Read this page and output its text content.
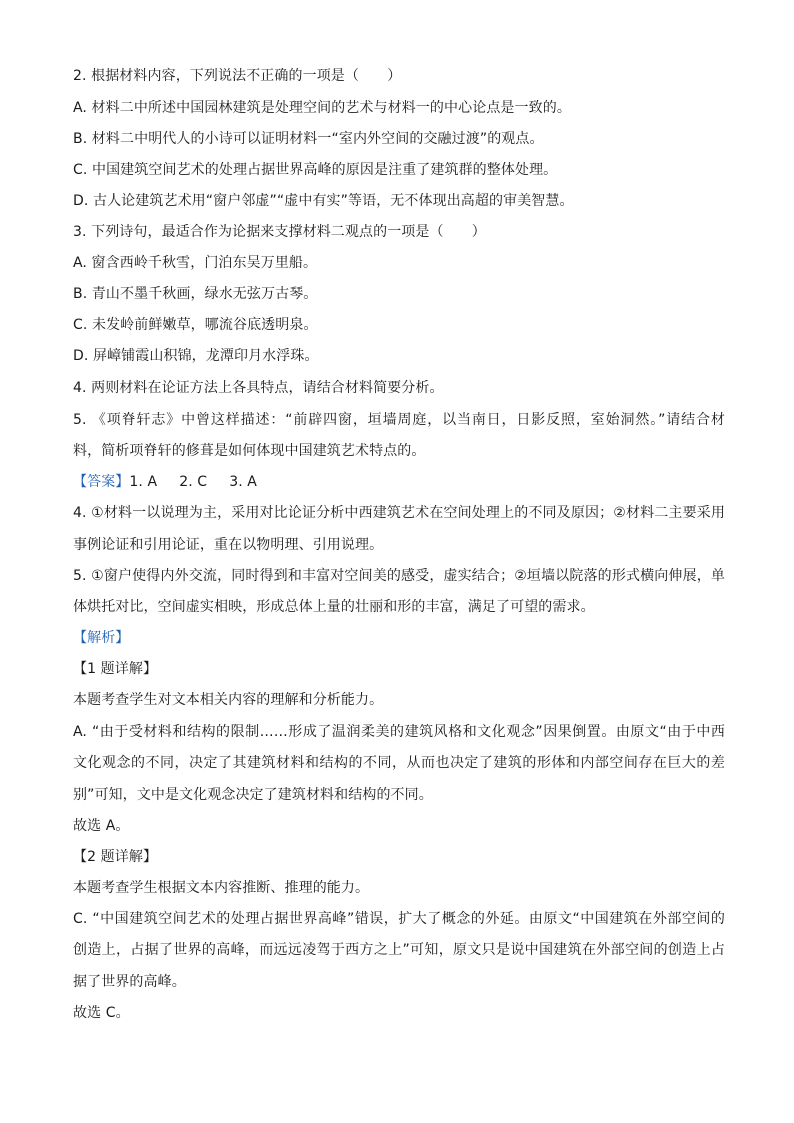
2. 根据材料内容，下列说法不正确的一项是（　　）
A. 材料二中所述中国园林建筑是处理空间的艺术与材料一的中心论点是一致的。
B. 材料二中明代人的小诗可以证明材料一“室内外空间的交融过渡”的观点。
C. 中国建筑空间艺术的处理占据世界高峰的原因是注重了建筑群的整体处理。
D. 古人论建筑艺术用“窗户邻虚”“虚中有实”等语，无不体现出高超的审美智慧。
3. 下列诗句，最适合作为论据来支撑材料二观点的一项是（　　）
A. 窗含西岭千秋雪，门泊东吴万里船。
B. 青山不墨千秋画，绿水无弦万古琴。
C. 未发岭前鲜嫩草，哪流谷底透明泉。
D. 屏嶂铺霞山积锦，龙潭印月水浮珠。
4. 两则材料在论证方法上各具特点，请结合材料简要分析。
5. 《项脊轩志》中曾这样描述：“前辟四窗，垣墙周庭，以当南日，日影反照，室始洞然。”请结合材
料，简析项脊轩的修葺是如何体现中国建筑艺术特点的。
【答案】1. A 2. C 3. A
4. ①材料一以说理为主，采用对比论证分析中西建筑艺术在空间处理上的不同及原因；②材料二主要采用
事例论证和引用论证，重在以物明理、引用说理。
5. ①窗户使得内外交流，同时得到和丰富对空间美的感受，虚实结合；②垣墙以院落的形式横向伸展，单
体烘托对比，空间虚实相映，形成总体上量的壮丽和形的丰富，满足了可望的需求。
【解析】
【1 题详解】
本题考查学生对文本相关内容的理解和分析能力。
A. “由于受材料和结构的限制……形成了温润柔美的建筑风格和文化观念”因果倒置。由原文“由于中西
文化观念的不同，决定了其建筑材料和结构的不同，从而也决定了建筑的形体和内部空间存在巨大的差
别”可知，文中是文化观念决定了建筑材料和结构的不同。
故选 A。
【2 题详解】
本题考查学生根据文本内容推断、推理的能力。
C. “中国建筑空间艺术的处理占据世界高峰”错误，扩大了概念的外延。由原文“中国建筑在外部空间的
创造上，占据了世界的高峰，而远远凌驾于西方之上”可知，原文只是说中国建筑在外部空间的创造上占
据了世界的高峰。
故选 C。
